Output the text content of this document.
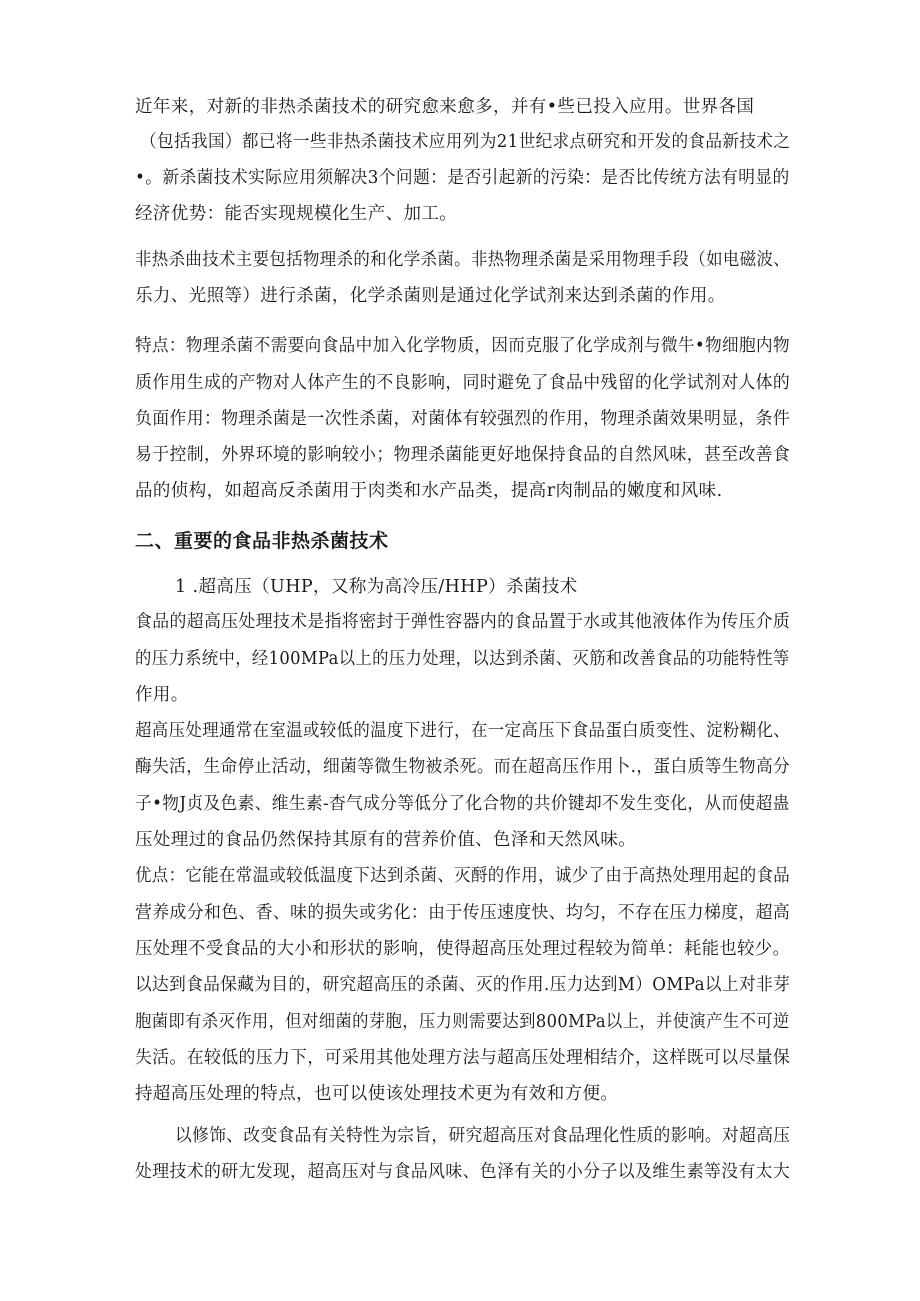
近年来，对新的非热杀菌技术的研究愈来愈多，并有•些已投入应用。世界各国
（包括我国）都已将一些非热杀菌技术应用列为21世纪求点研究和开发的食品新技术之
•。新杀菌技术实际应用须解决3个问题：是否引起新的污染：是否比传统方法有明显的
经济优势：能否实现规模化生产、加工。
非热杀曲技术主要包括物理杀的和化学杀菌。非热物理杀菌是采用物理手段（如电磁波、
乐力、光照等）进行杀菌，化学杀菌则是通过化学试剂来达到杀菌的作用。
特点：物理杀菌不需要向食品中加入化学物质，因而克服了化学成剂与微牛•物细胞内物
质作用生成的产物对人体产生的不良影响，同时避免了食品中残留的化学试剂对人体的
负面作用：物理杀菌是一次性杀菌，对菌体有较强烈的作用，物理杀菌效果明显，条件
易于控制，外界环境的影响较小；物理杀菌能更好地保持食品的自然风味，甚至改善食
品的侦构，如超高反杀菌用于肉类和水产品类，提高r肉制品的嫩度和风味.
二、重要的食品非热杀菌技术
1 .超高压（UHP，又称为高冷压/HHP）杀菌技术
食品的超高压处理技术是指将密封于弹性容器内的食品置于水或其他液体作为传压介质
的压力系统中，经100MPa以上的压力处理，以达到杀菌、灭筋和改善食品的功能特性等
作用。
超高压处理通常在室温或较低的温度下进行，在一定高压下食品蛋白质变性、淀粉糊化、
酶失活，生命停止活动，细菌等微生物被杀死。而在超高压作用卜.，蛋白质等生物高分
子•物J贞及色素、维生素-杳气成分等低分了化合物的共价键却不发生变化，从而使超蛊
压处理过的食品仍然保持其原有的营养价值、色泽和天然风味。
优点：它能在常温或较低温度下达到杀菌、灭酹的作用，诚少了由于高热处理用起的食品
营养成分和色、香、味的损失或劣化：由于传压速度快、均匀，不存在压力梯度，超高
压处理不受食品的大小和形状的影响，使得超高压处理过程较为简单：耗能也较少。
以达到食品保藏为目的，研究超高压的杀菌、灭的作用.压力达到M）OMPa以上对非芽
胞菌即有杀灭作用，但对细菌的芽胞，压力则需要达到800MPa以上，并使演产生不可逆
失活。在较低的压力下，可采用其他处理方法与超高压处理相结介，这样既可以尽量保
持超高压处理的特点，也可以使该处理技术更为有效和方便。
以修饰、改变食品有关特性为宗旨，研究超高压对食品理化性质的影响。对超高压
处理技术的研尢发现，超高压对与食品风味、色泽有关的小分子以及维生素等没有太大
